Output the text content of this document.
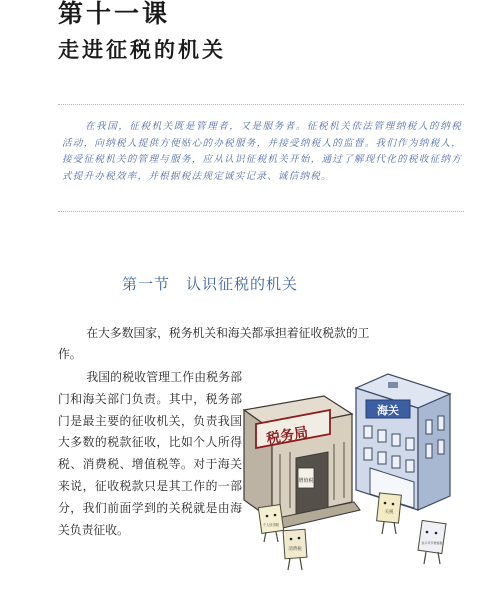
第十一课
走进征税的机关

在我国，征税机关既是管理者，又是服务者。征税机关依法管理纳税人的纳税活动，向纳税人提供方便贴心的办税服务，并接受纳税人的监督。我们作为纳税人，接受征税机关的管理与服务，应从认识征税机关开始，通过了解现代化的税收征纳方式提升办税效率，并根据税法规定诚实记录、诚信纳税。

第一节　认识征税的机关

在大多数国家，税务机关和海关都承担着征收税款的工作。

我国的税收管理工作由税务部门和海关部门负责。其中，税务部门是最主要的征收机关，负责我国大多数的税款征收，比如个人所得税、消费税、增值税等。对于海关来说，征收税款只是其工作的一部分，我们前面学到的关税就是由海关负责征收。

海关
税务局
增值税
个人所得税
消费税
关税
进口环节增值税
